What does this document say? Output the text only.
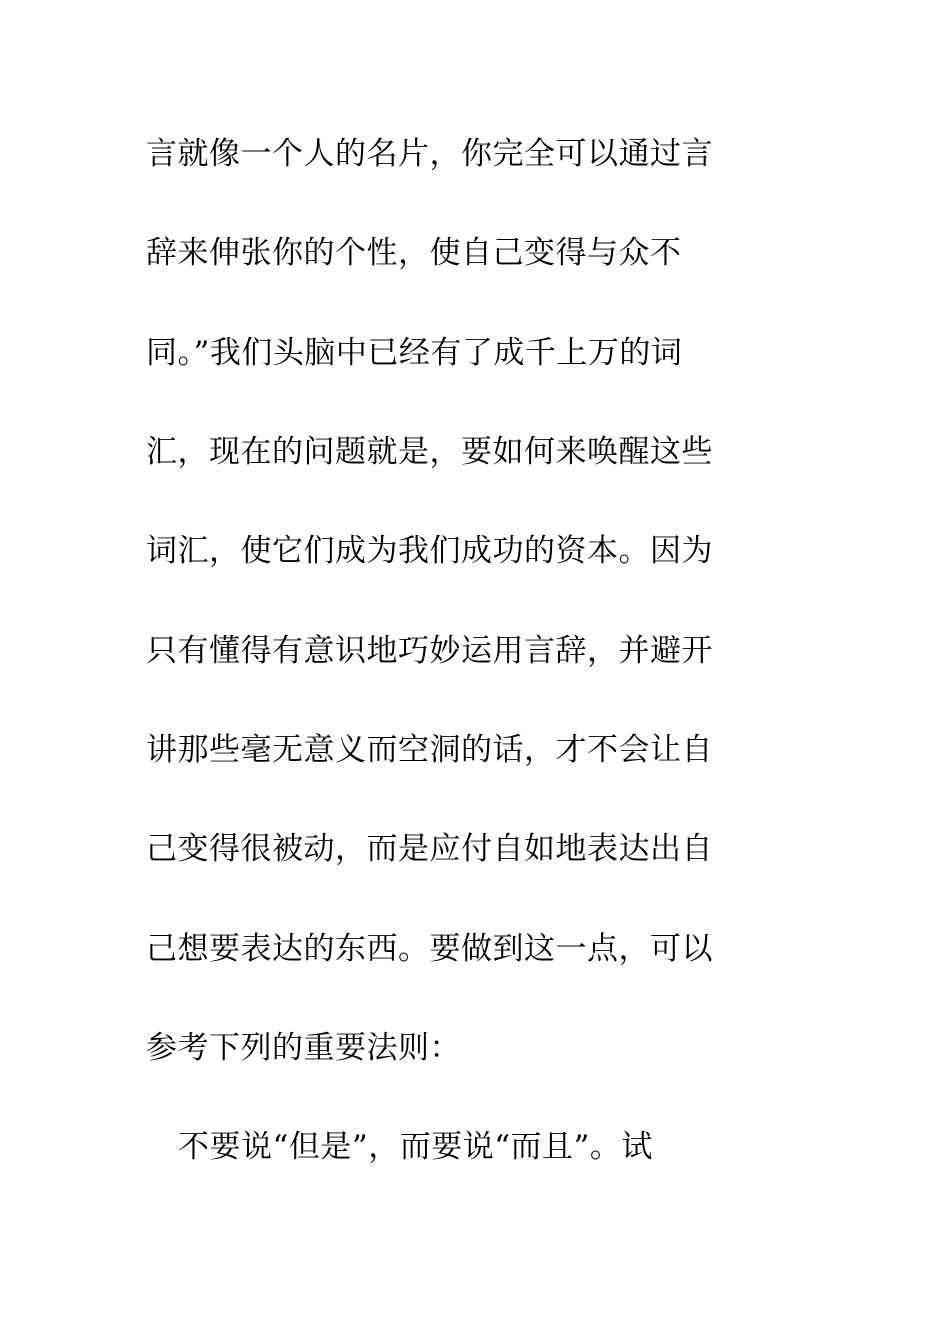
言就像一个人的名片，你完全可以通过言
辞来伸张你的个性，使自己变得与众不
同。”我们头脑中已经有了成千上万的词
汇，现在的问题就是，要如何来唤醒这些
词汇，使它们成为我们成功的资本。因为
只有懂得有意识地巧妙运用言辞，并避开
讲那些毫无意义而空洞的话，才不会让自
己变得很被动，而是应付自如地表达出自
己想要表达的东西。要做到这一点，可以
参考下列的重要法则：
不要说“但是”，而要说“而且”。试
